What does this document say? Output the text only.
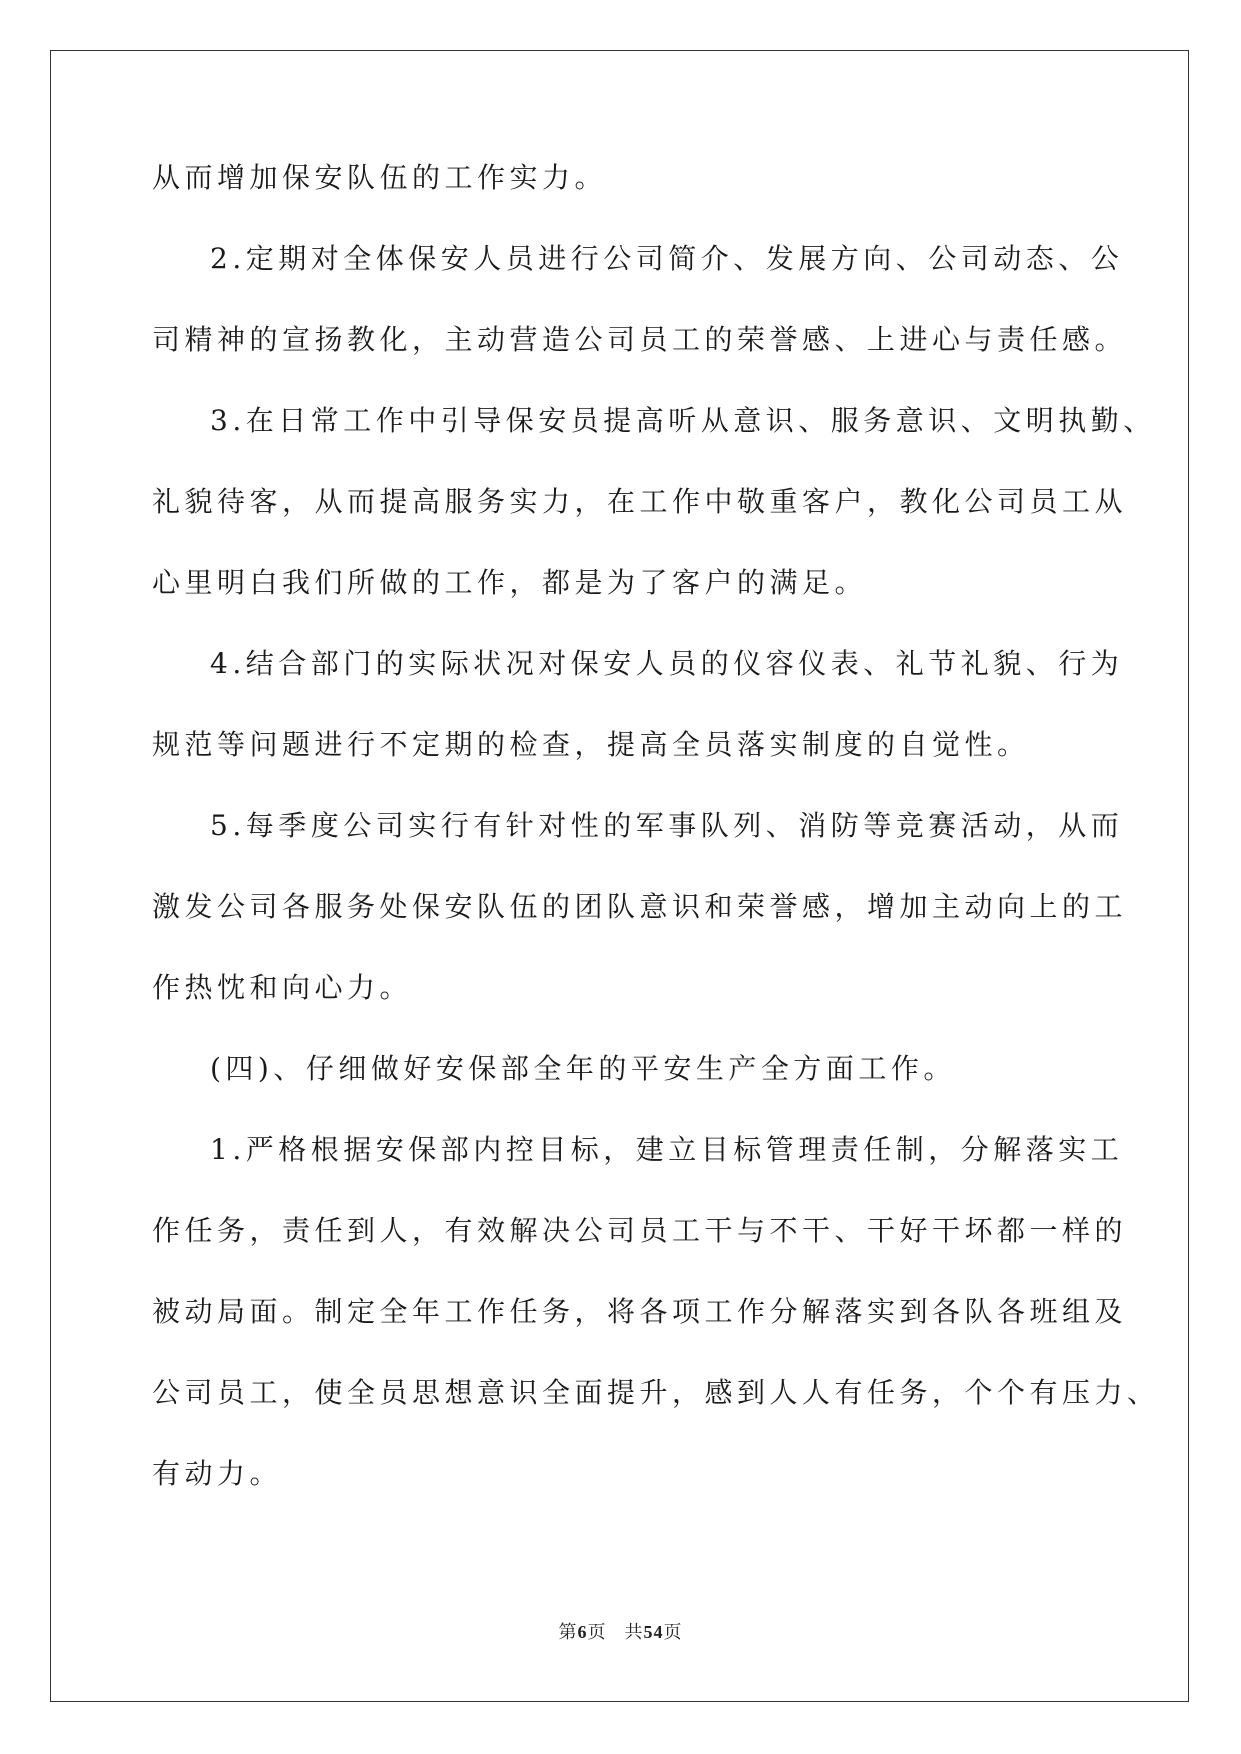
从而增加保安队伍的工作实力。
2.定期对全体保安人员进行公司简介、发展方向、公司动态、公
司精神的宣扬教化，主动营造公司员工的荣誉感、上进心与责任感。
3.在日常工作中引导保安员提高听从意识、服务意识、文明执勤、
礼貌待客，从而提高服务实力，在工作中敬重客户，教化公司员工从
心里明白我们所做的工作，都是为了客户的满足。
4.结合部门的实际状况对保安人员的仪容仪表、礼节礼貌、行为
规范等问题进行不定期的检查，提高全员落实制度的自觉性。
5.每季度公司实行有针对性的军事队列、消防等竞赛活动，从而
激发公司各服务处保安队伍的团队意识和荣誉感，增加主动向上的工
作热忱和向心力。
(四)、仔细做好安保部全年的平安生产全方面工作。
1.严格根据安保部内控目标，建立目标管理责任制，分解落实工
作任务，责任到人，有效解决公司员工干与不干、干好干坏都一样的
被动局面。制定全年工作任务，将各项工作分解落实到各队各班组及
公司员工，使全员思想意识全面提升，感到人人有任务，个个有压力、
有动力。
第6页 共54页
